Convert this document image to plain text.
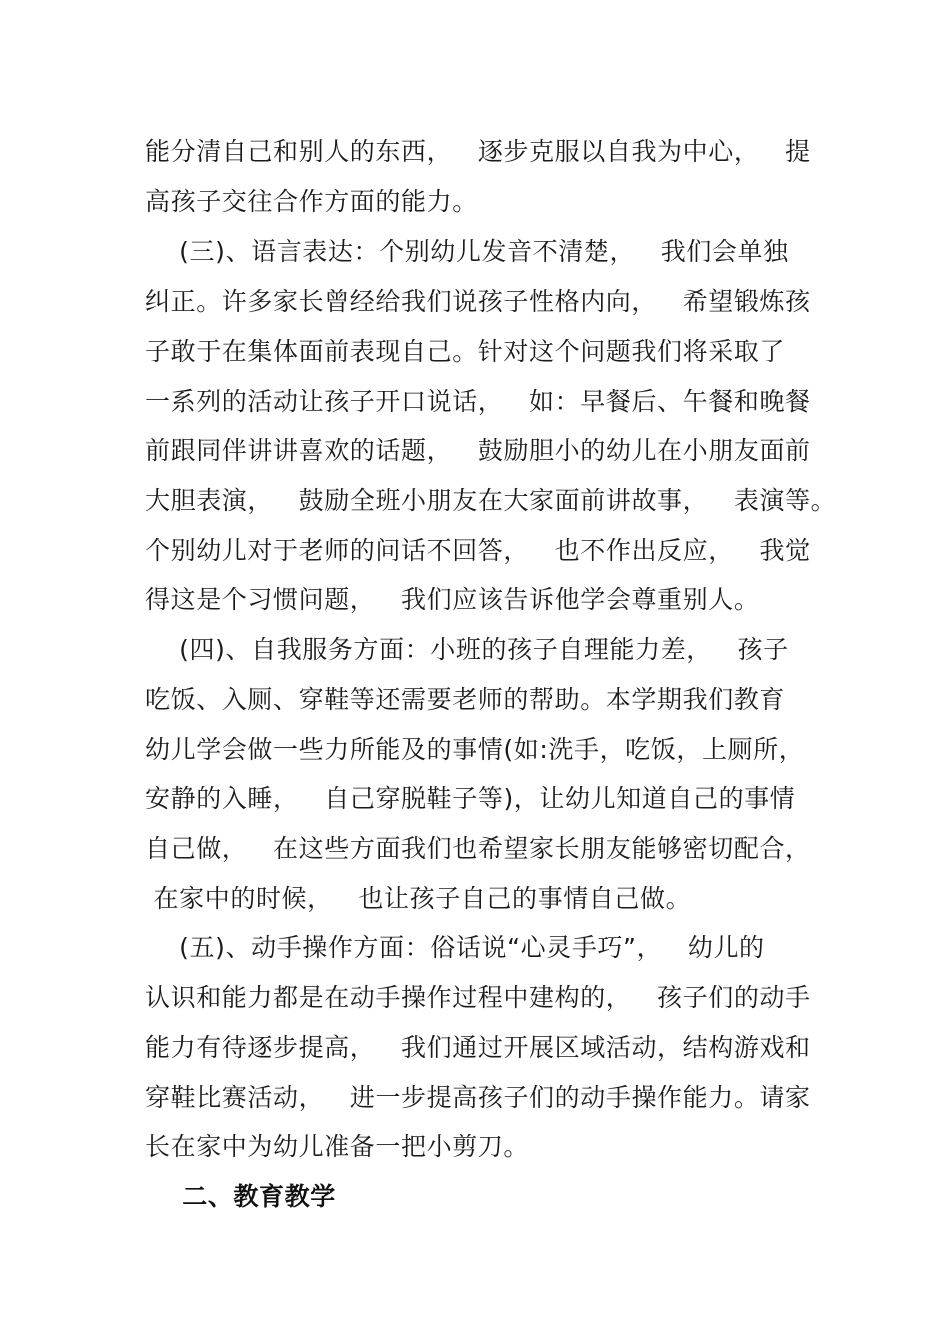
能分清自己和别人的东西，   逐步克服以自我为中心，   提
高孩子交往合作方面的能力。
(三)、语言表达：个别幼儿发音不清楚，   我们会单独
纠正。许多家长曾经给我们说孩子性格内向，   希望锻炼孩
子敢于在集体面前表现自己。针对这个问题我们将采取了
一系列的活动让孩子开口说话，   如：早餐后、午餐和晚餐
前跟同伴讲讲喜欢的话题，   鼓励胆小的幼儿在小朋友面前
大胆表演，   鼓励全班小朋友在大家面前讲故事，   表演等。
个别幼儿对于老师的问话不回答，   也不作出反应，   我觉
得这是个习惯问题，   我们应该告诉他学会尊重别人。
(四)、自我服务方面：小班的孩子自理能力差，   孩子
吃饭、入厕、穿鞋等还需要老师的帮助。本学期我们教育
幼儿学会做一些力所能及的事情(如:洗手，吃饭，上厕所，
安静的入睡，   自己穿脱鞋子等)，让幼儿知道自己的事情
自己做，   在这些方面我们也希望家长朋友能够密切配合，
在家中的时候，   也让孩子自己的事情自己做。
(五)、动手操作方面：俗话说“心灵手巧”，   幼儿的
认识和能力都是在动手操作过程中建构的，   孩子们的动手
能力有待逐步提高，   我们通过开展区域活动，结构游戏和
穿鞋比赛活动，   进一步提高孩子们的动手操作能力。请家
长在家中为幼儿准备一把小剪刀。
二、教育教学
